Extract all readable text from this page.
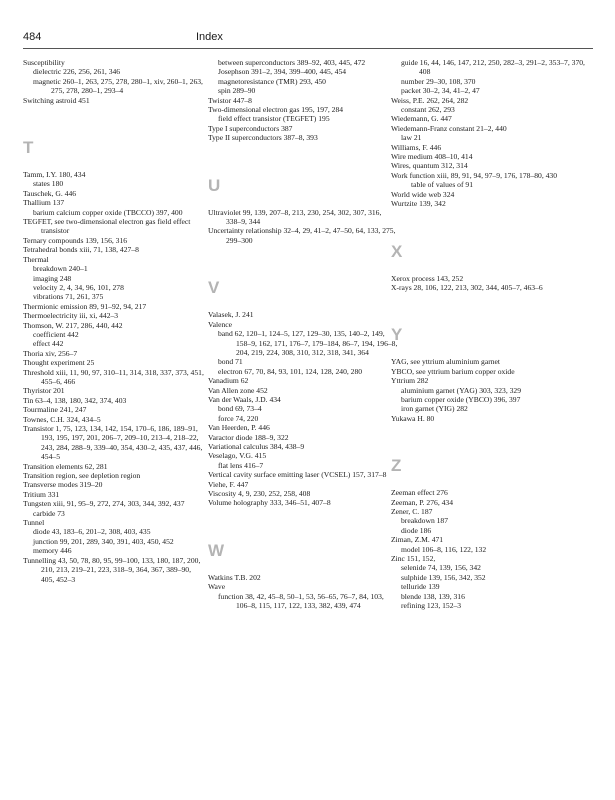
484	Index
Susceptibility
dielectric 226, 256, 261, 346
magnetic 260–1, 263, 275, 278, 280–1, xiv, 260–1, 263, 275, 278, 280–1, 293–4
Switching astroid 451
T
Tamm, I.Y. 180, 434
states 180
Tauschek, G. 446
Thallium 137
barium calcium copper oxide (TBCCO) 397, 400
TEGFET, see two-dimensional electron gas field effect transistor
Ternary compounds 139, 156, 316
Tetrahedral bonds xiii, 71, 138, 427–8
Thermal
breakdown 240–1
imaging 248
velocity 2, 4, 34, 96, 101, 278
vibrations 71, 261, 375
Thermionic emission 89, 91–92, 94, 217
Thermoelectricity iii, xi, 442–3
Thomson, W. 217, 286, 440, 442
coefficient 442
effect 442
Thoria xiv, 256–7
Thought experiment 25
Threshold xiii, 11, 90, 97, 310–11, 314, 318, 337, 373, 451, 455–6, 466
Thyristor 201
Tin 63–4, 138, 180, 342, 374, 403
Tourmaline 241, 247
Townes, C.H. 324, 434–5
Transistor 1, 75, 123, 134, 142, 154, 170–6, 186, 189–91, 193, 195, 197, 201, 206–7, 209–10, 213–4, 218–22, 243, 284, 288–9, 339–40, 354, 430–2, 435, 437, 446, 454–5
Transition elements 62, 281
Transition region, see depletion region
Transverse modes 319–20
Tritium 331
Tungsten xiii, 91, 95–9, 272, 274, 303, 344, 392, 437
carbide 73
Tunnel
diode 43, 183–6, 201–2, 308, 403, 435
junction 99, 201, 289, 340, 391, 403, 450, 452
memory 446
Tunnelling 43, 50, 78, 80, 95, 99–100, 133, 180, 187, 200, 210, 213, 219–21, 223, 318–9, 364, 367, 389–90, 405, 452–3
between superconductors 389–92, 403, 445, 472
Josephson 391–2, 394, 399–400, 445, 454
magnetoresistance (TMR) 293, 450
spin 289–90
Twistor 447–8
Two-dimensional electron gas 195, 197, 284
field effect transistor (TEGFET) 195
Type I superconductors 387
Type II superconductors 387–8, 393
U
Ultraviolet 99, 139, 207–8, 213, 230, 254, 302, 307, 316, 338–9, 344
Uncertainty relationship 32–4, 29, 41–2, 47–50, 64, 133, 275, 299–300
V
Valasek, J. 241
Valence
band 62, 120–1, 124–5, 127, 129–30, 135, 140–2, 149, 158–9, 162, 171, 176–7, 179–184, 86–7, 194, 196–8, 204, 219, 224, 308, 310, 312, 318, 341, 364
bond 71
electron 67, 70, 84, 93, 101, 124, 128, 240, 280
Vanadium 62
Van Allen zone 452
Van der Waals, J.D. 434
bond 69, 73–4
force 74, 220
Van Heerden, P. 446
Varactor diode 188–9, 322
Variational calculus 384, 438–9
Veselago, V.G. 415
flat lens 416–7
Vertical cavity surface emitting laser (VCSEL) 157, 317–8
Viehe, F. 447
Viscosity 4, 9, 230, 252, 258, 408
Volume holography 333, 346–51, 407–8
W
Watkins T.B. 202
Wave
function 38, 42, 45–8, 50–1, 53, 56–65, 76–7, 84, 103, 106–8, 115, 117, 122, 133, 382, 439, 474
guide 16, 44, 146, 147, 212, 250, 282–3, 291–2, 353–7, 370, 408
number 29–30, 108, 370
packet 30–2, 34, 41–2, 47
Weiss, P.E. 262, 264, 282
constant 262, 293
Wiedemann, G. 447
Wiedemann-Franz constant 21–2, 440
law 21
Williams, F. 446
Wire medium 408–10, 414
Wires, quantum 312, 314
Work function xiii, 89, 91, 94, 97–9, 176, 178–80, 430
table of values of 91
World wide web 324
Wurtzite 139, 342
X
Xerox process 143, 252
X-rays 28, 106, 122, 213, 302, 344, 405–7, 463–6
Y
YAG, see yttrium aluminium garnet
YBCO, see yttrium barium copper oxide
Yttrium 282
aluminium garnet (YAG) 303, 323, 329
barium copper oxide (YBCO) 396, 397
iron garnet (YIG) 282
Yukawa H. 80
Z
Zeeman effect 276
Zeeman, P. 276, 434
Zener, C. 187
breakdown 187
diode 186
Ziman, Z.M. 471
model 106–8, 116, 122, 132
Zinc 151, 152,
selenide 74, 139, 156, 342
sulphide 139, 156, 342, 352
telluride 139
blende 138, 139, 316
refining 123, 152–3
